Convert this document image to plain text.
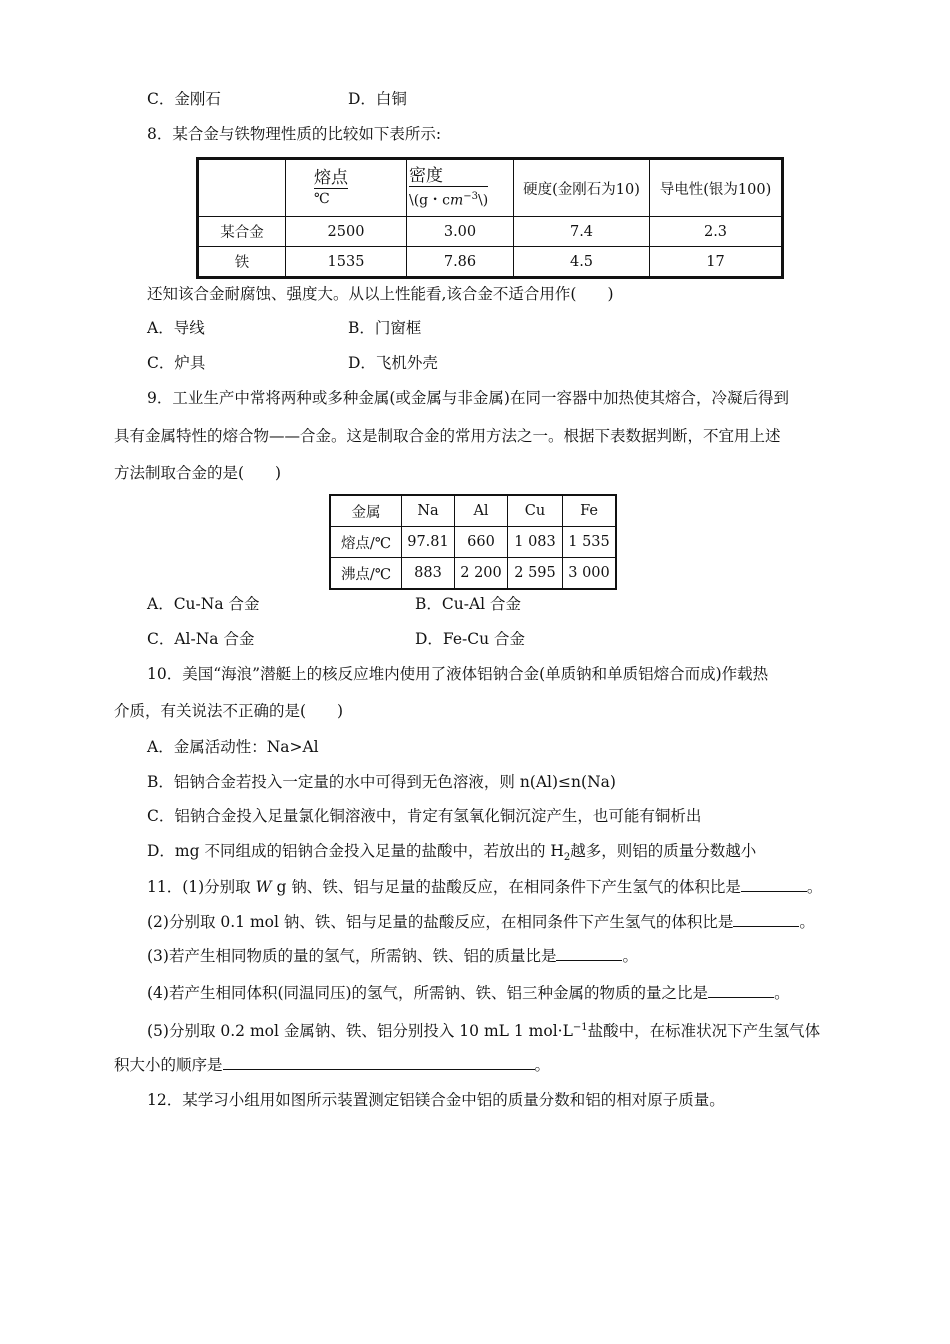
C．金刚石	D．白铜
8．某合金与铁物理性质的比较如下表所示:

	$\frac{\text{熔点}}{℃}$	$\frac{\text{密度}}{\backslash(g・cm^{-3}\backslash)}$	硬度(金刚石为10)	导电性(银为100)
某合金	2500	3.00	7.4	2.3
铁	1535	7.86	4.5	17
还知该合金耐腐蚀、强度大。从以上性能看,该合金不适合用作(　　)
A．导线	B．门窗框
C．炉具	D．飞机外壳
9．工业生产中常将两种或多种金属(或金属与非金属)在同一容器中加热使其熔合，冷凝后得到
具有金属特性的熔合物——合金。这是制取合金的常用方法之一。根据下表数据判断，不宜用上述
方法制取合金的是(　　)
金属	Na	Al	Cu	Fe
熔点/℃	97.81	660	1 083	1 535
沸点/℃	883	2 200	2 595	3 000
A．Cu-Na 合金	B．Cu-Al 合金
C．Al-Na 合金	D．Fe-Cu 合金
10．美国“海浪”潜艇上的核反应堆内使用了液体铝钠合金(单质钠和单质铝熔合而成)作载热
介质，有关说法不正确的是(　　)
A．金属活动性：Na>Al
B．铝钠合金若投入一定量的水中可得到无色溶液，则 n(Al)≤n(Na)
C．铝钠合金投入足量氯化铜溶液中，肯定有氢氧化铜沉淀产生，也可能有铜析出
D．mg 不同组成的铝钠合金投入足量的盐酸中，若放出的 $H_2$越多，则铝的质量分数越小
11．(1)分别取 W g 钠、铁、铝与足量的盐酸反应，在相同条件下产生氢气的体积比是	。
(2)分别取 0.1 mol 钠、铁、铝与足量的盐酸反应，在相同条件下产生氢气的体积比是	。
(3)若产生相同物质的量的氢气，所需钠、铁、铝的质量比是	。
(4)若产生相同体积(同温同压)的氢气，所需钠、铁、铝三种金属的物质的量之比是	。
(5)分别取 0.2 mol 金属钠、铁、铝分别投入 10 mL 1 $mol\cdot L^{-1}$盐酸中，在标准状况下产生氢气体
积大小的顺序是	。
12．某学习小组用如图所示装置测定铝镁合金中铝的质量分数和铝的相对原子质量。
